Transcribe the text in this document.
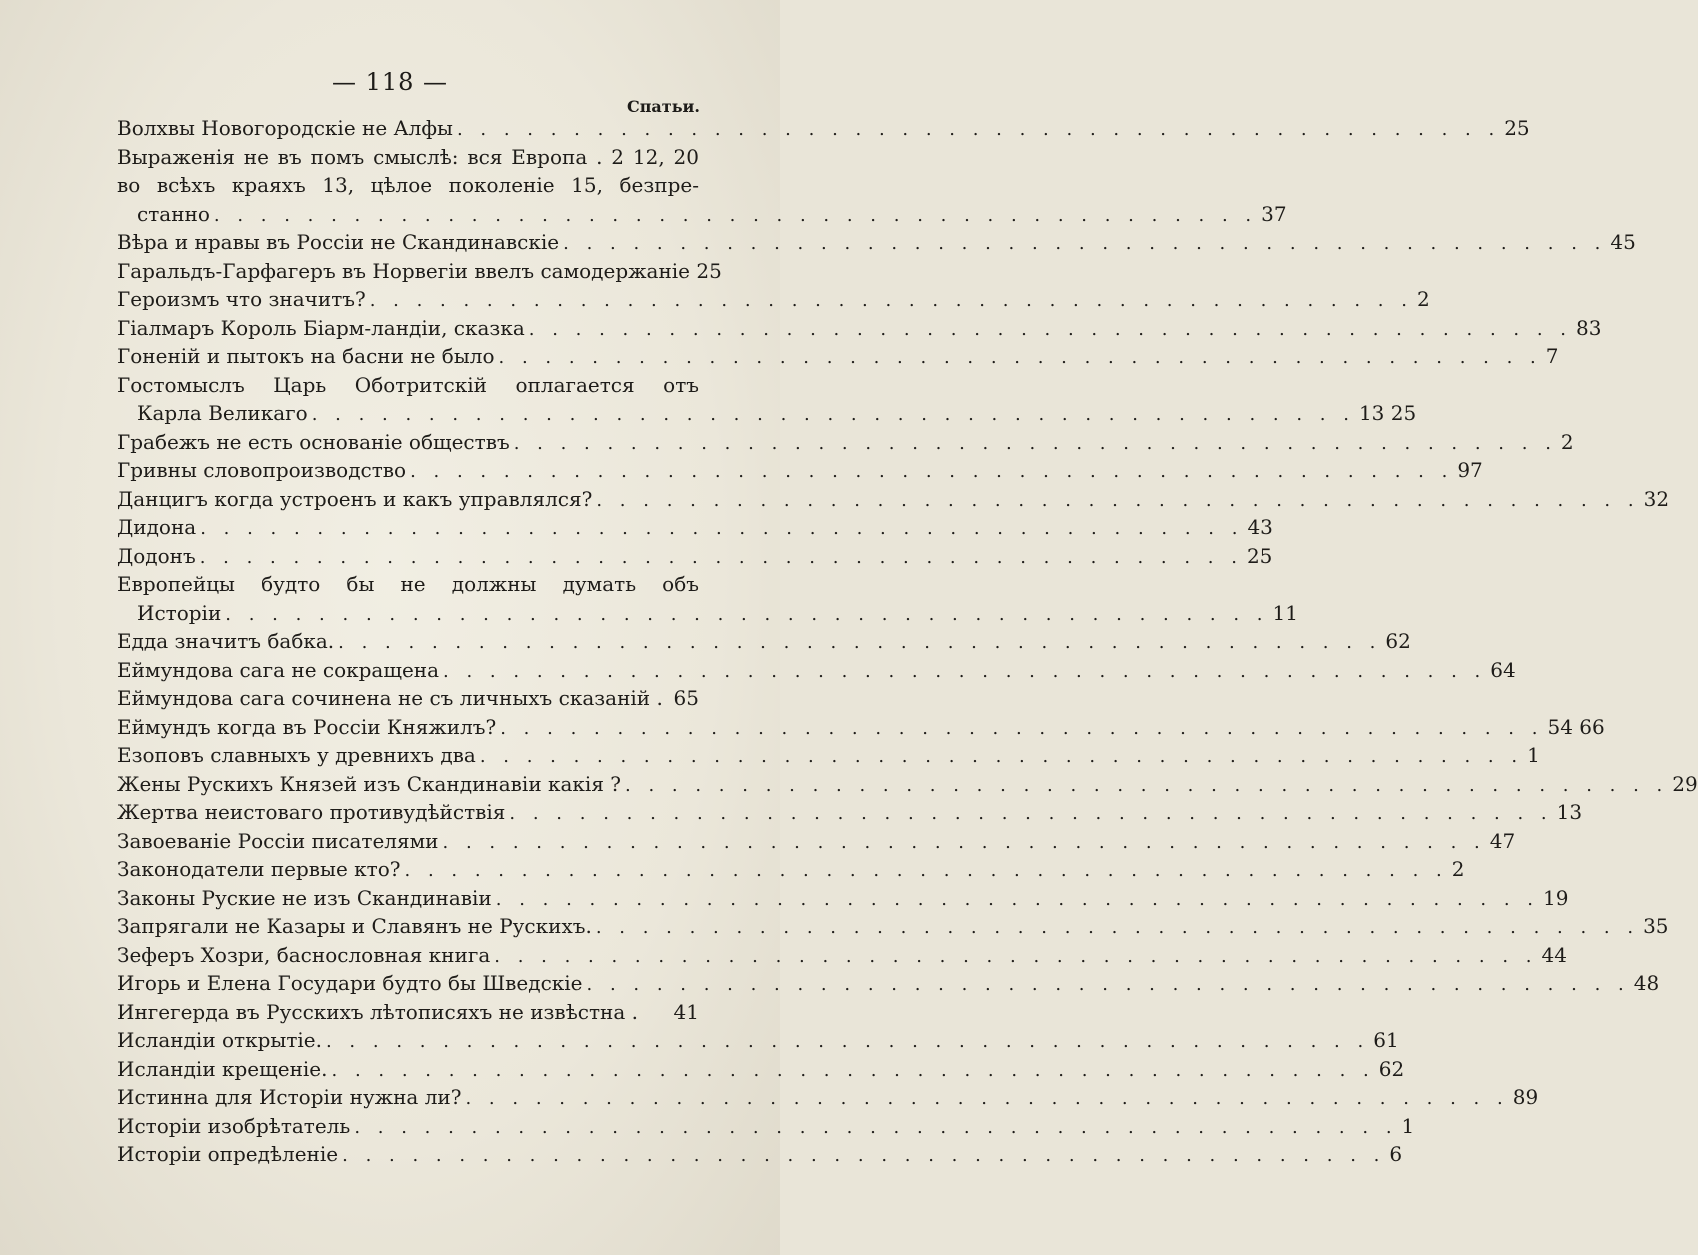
— 118 —
Спатьи.
Волхвы Новогородскіе не Алфы . . .	25
Выраженія не въ помъ смыслѣ: вся Европа . 2 12, 20
во всѣхъ краяхъ 13, цѣлое поколеніе 15, безпре-
станно . . .	37
Вѣра и нравы въ Россіи не Скандинавскіе . . .	45
Гаральдъ-Гарфагеръ въ Норвегіи ввелъ самодержаніе 25
Героизмъ что значитъ? . . .	2
Гіалмаръ Король Біарм-ландіи, сказка . . .	83
Гоненій и пытокъ на басни не было . . .	7
Гостомыслъ Царь Оботритскій оплагается отъ
Карла Великаго . . .	13 25
Грабежъ не есть основаніе обществъ . . .	2
Гривны словопроизводство . . .	97
Данцигъ когда устроенъ и какъ управлялся? . . .	32
Дидона . . .	43
Додонъ . . .	25
Европейцы будто бы не должны думать объ
Исторіи . . .	11
Едда значитъ бабка. . . .	62
Еймундова сага не сокращена . . .	64
Еймундова сага сочинена не съ личныхъ сказаній . 65
Еймундъ когда въ Россіи Княжилъ? . . .	54 66
Езоповъ славныхъ у древнихъ два . . .	1
Жены Рускихъ Князей изъ Скандинавіи какія ? . . .	29
Жертва неистоваго противудѣйствія . . .	13
Завоеваніе Россіи писателями . . .	47
Законодатели первые кто? . . .	2
Законы Руские не изъ Скандинавіи . . .	19
Запрягали не Казары и Славянъ не Рускихъ. . . .	35
Зеферъ Хозри, баснословная книга . . .	44
Игорь и Елена Государи будто бы Шведскіе . . .	48
Ингегерда въ Русскихъ лѣтописяхъ не извѣстна . 41
Исландіи открытіе. . . .	61
Исландіи крещеніе. . . .	62
Истинна для Исторіи нужна ли? . . .	89
Исторіи изобрѣтатель . . .	1
Исторіи опредѣленіе . . .	6
